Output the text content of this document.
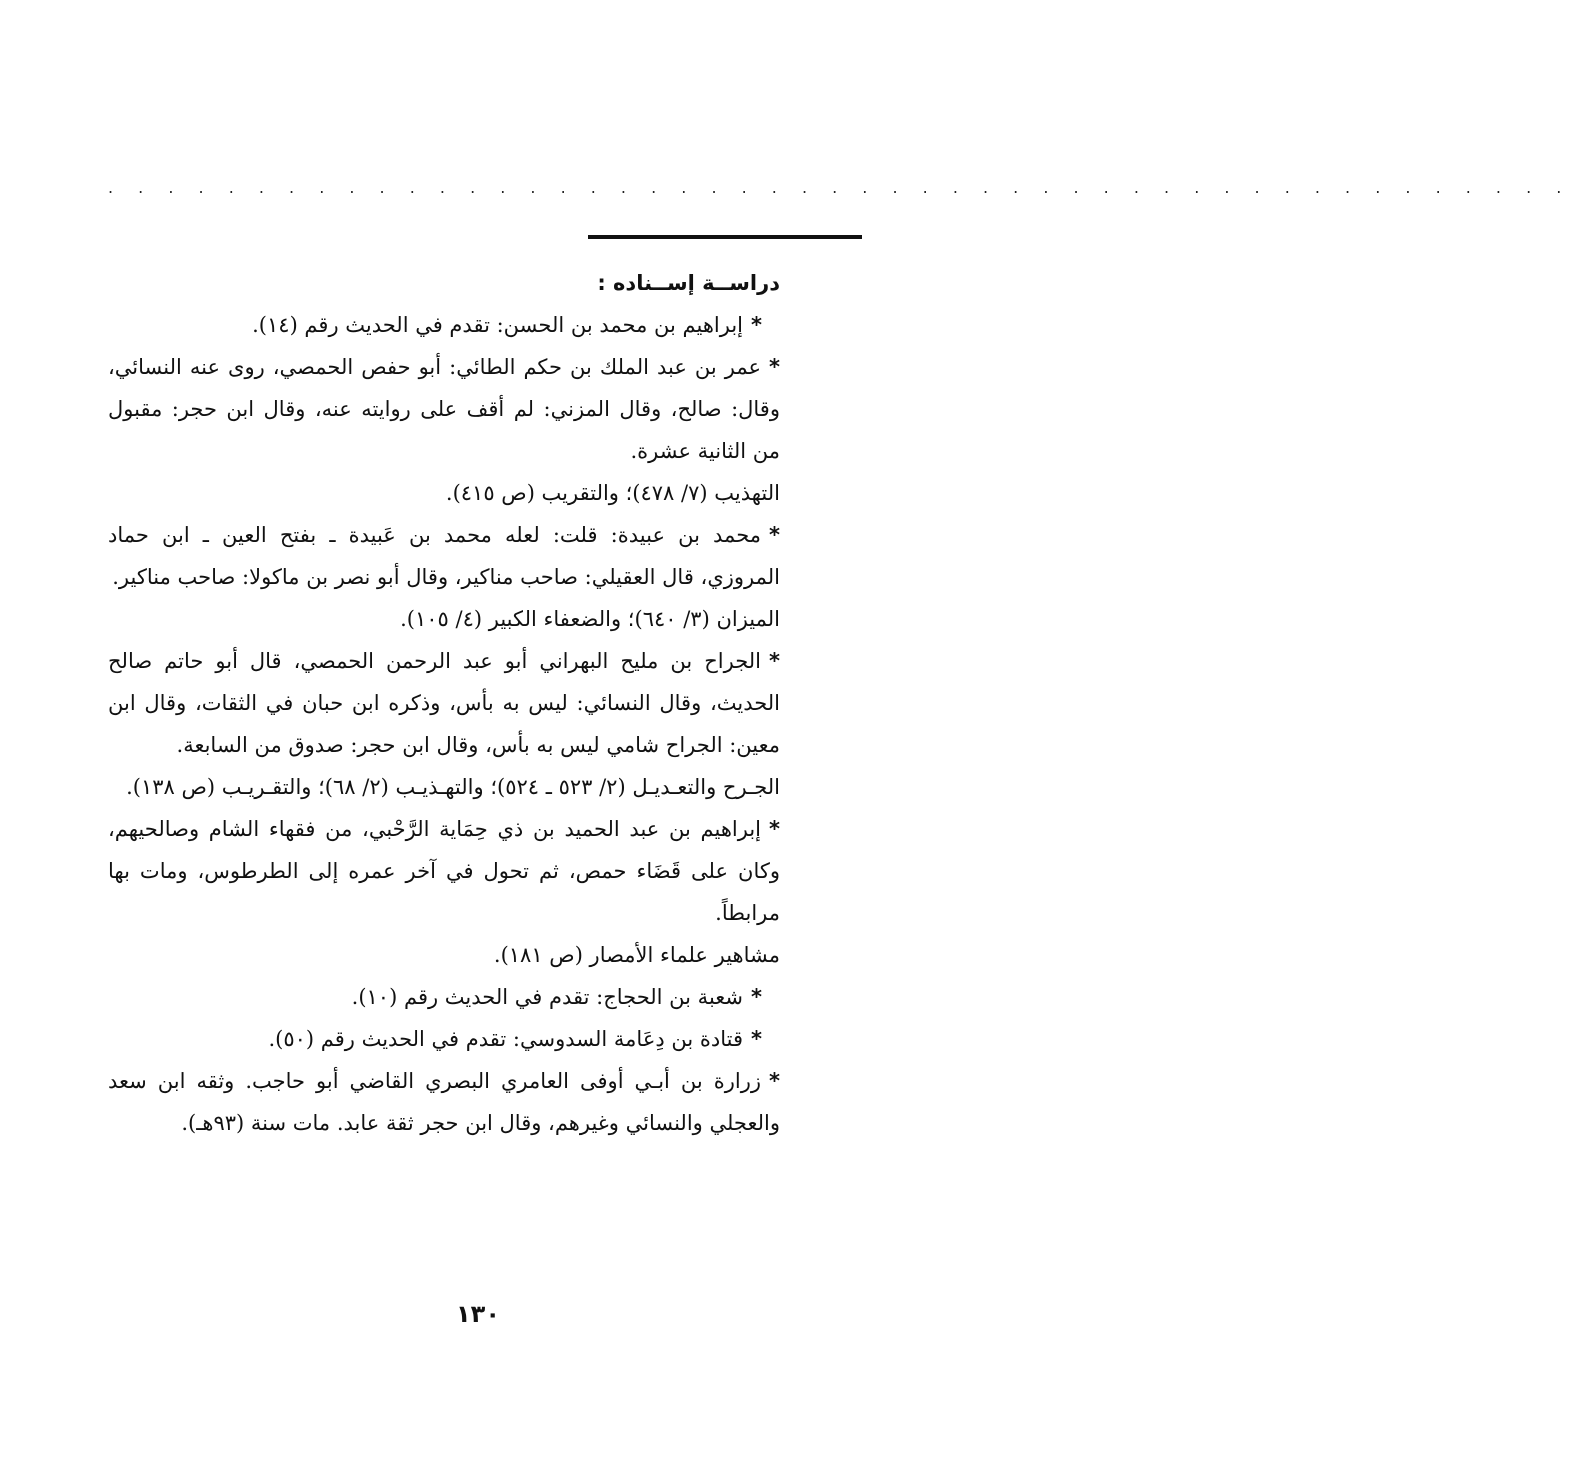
. . . . . . . . . . . . . . . . . . . . . . . . . . . . . . . . . . . . . . . . . . . . . . . . .

دراســة إســناده :

*إبراهيم بن محمد بن الحسن: تقدم في الحديث رقم (١٤).

*عمر بن عبد الملك بن حكم الطائي: أبو حفص الحمصي، روى عنه النسائي، وقال: صالح، وقال المزني: لم أقف على روايته عنه، وقال ابن حجر: مقبول من الثانية عشرة.

التهذيب (٧/ ٤٧٨)؛ والتقريب (ص ٤١٥).

*محمد بن عبيدة: قلت: لعله محمد بن عَبيدة ـ بفتح العين ـ ابن حماد المروزي، قال العقيلي: صاحب مناكير، وقال أبو نصر بن ماكولا: صاحب مناكير.

الميزان (٣/ ٦٤٠)؛ والضعفاء الكبير (٤/ ١٠٥).

*الجراح بن مليح البهراني أبو عبد الرحمن الحمصي، قال أبو حاتم صالح الحديث، وقال النسائي: ليس به بأس، وذكره ابن حبان في الثقات، وقال ابن معين: الجراح شامي ليس به بأس، وقال ابن حجر: صدوق من السابعة.

الجـرح والتعـديـل (٢/ ٥٢٣ ـ ٥٢٤)؛ والتهـذيـب (٢/ ٦٨)؛ والتقـريـب (ص ١٣٨).

*إبراهيم بن عبد الحميد بن ذي حِمَاية الرَّحْبي، من فقهاء الشام وصالحيهم، وكان على قَضَاء حمص، ثم تحول في آخر عمره إلى الطرطوس، ومات بها مرابطاً.

مشاهير علماء الأمصار (ص ١٨١).

*شعبة بن الحجاج: تقدم في الحديث رقم (١٠).

*قتادة بن دِعَامة السدوسي: تقدم في الحديث رقم (٥٠).

*زرارة بن أبـي أوفى العامري البصري القاضي أبو حاجب. وثقه ابن سعد والعجلي والنسائي وغيرهم، وقال ابن حجر ثقة عابد. مات سنة (٩٣هـ).

١٣٠
